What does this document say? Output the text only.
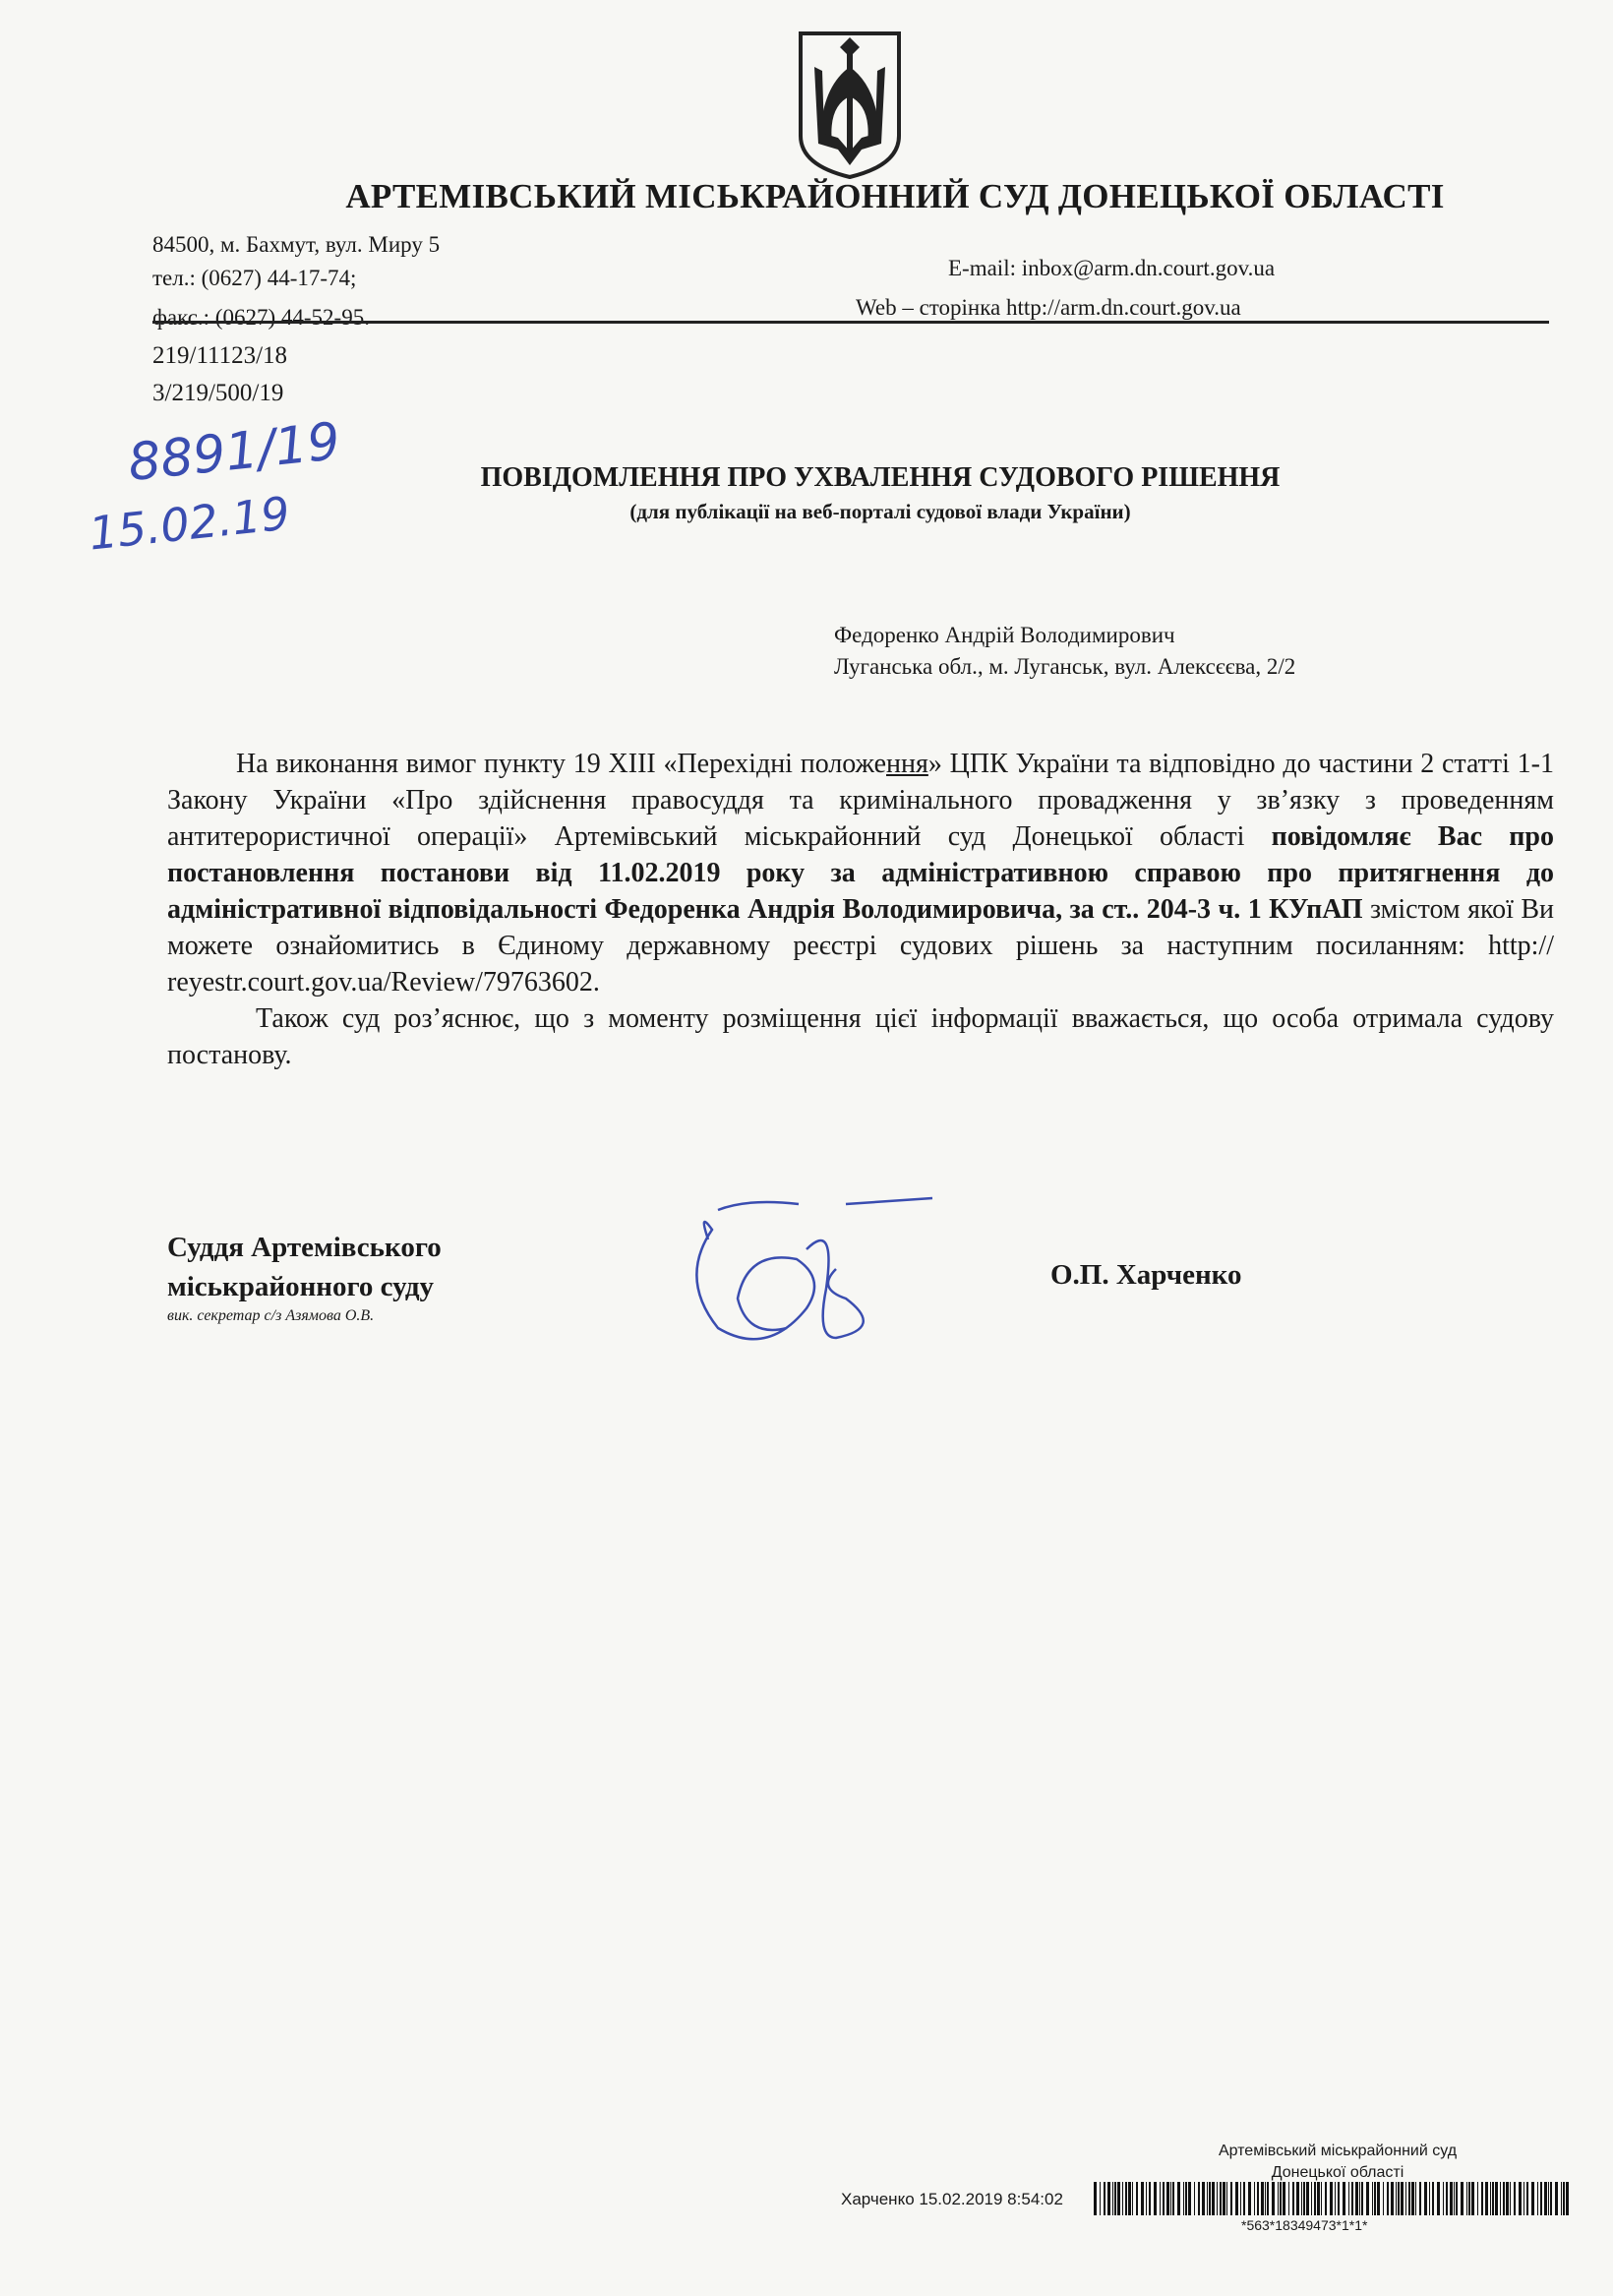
АРТЕМІВСЬКИЙ МІСЬКРАЙОННИЙ СУД ДОНЕЦЬКОЇ ОБЛАСТІ
84500, м. Бахмут, вул. Миру 5
тел.: (0627) 44-17-74;
факс.: (0627) 44-52-95.
E-mail: inbox@arm.dn.court.gov.ua
Web – сторінка http://arm.dn.court.gov.ua
219/11123/18
3/219/500/19
8891/19
15.02.19
ПОВІДОМЛЕННЯ ПРО УХВАЛЕННЯ СУДОВОГО РІШЕННЯ
(для публікації на веб-порталі судової влади України)
Федоренко Андрій Володимирович
Луганська обл., м. Луганськ, вул. Алексєєва, 2/2

На виконання вимог пункту 19 XIII «Перехідні положення» ЦПК України та відповідно до частини 2 статті 1-1 Закону України «Про здійснення правосуддя та кримінального провадження у зв’язку з проведенням антитерористичної операції» Артемівський міськрайонний суд Донецької області повідомляє Вас про постановлення постанови від 11.02.2019 року за адміністративною справою про притягнення до адміністративної відповідальності Федоренка Андрія Володимировича, за ст.. 204-3 ч. 1 КУпАП змістом якої Ви можете ознайомитись в Єдиному державному реєстрі судових рішень за наступним посиланням: http:// reyestr.court.gov.ua/Review/79763602.

Також суд роз’яснює, що з моменту розміщення цієї інформації вважається, що особа отримала судову постанову.

Суддя Артемівського
міськрайонного суду
вик. секретар с/з Азямова О.В.
О.П. Харченко
Артемівський міськрайонний суд
Донецької області
Харченко 15.02.2019 8:54:02
*563*18349473*1*1*
